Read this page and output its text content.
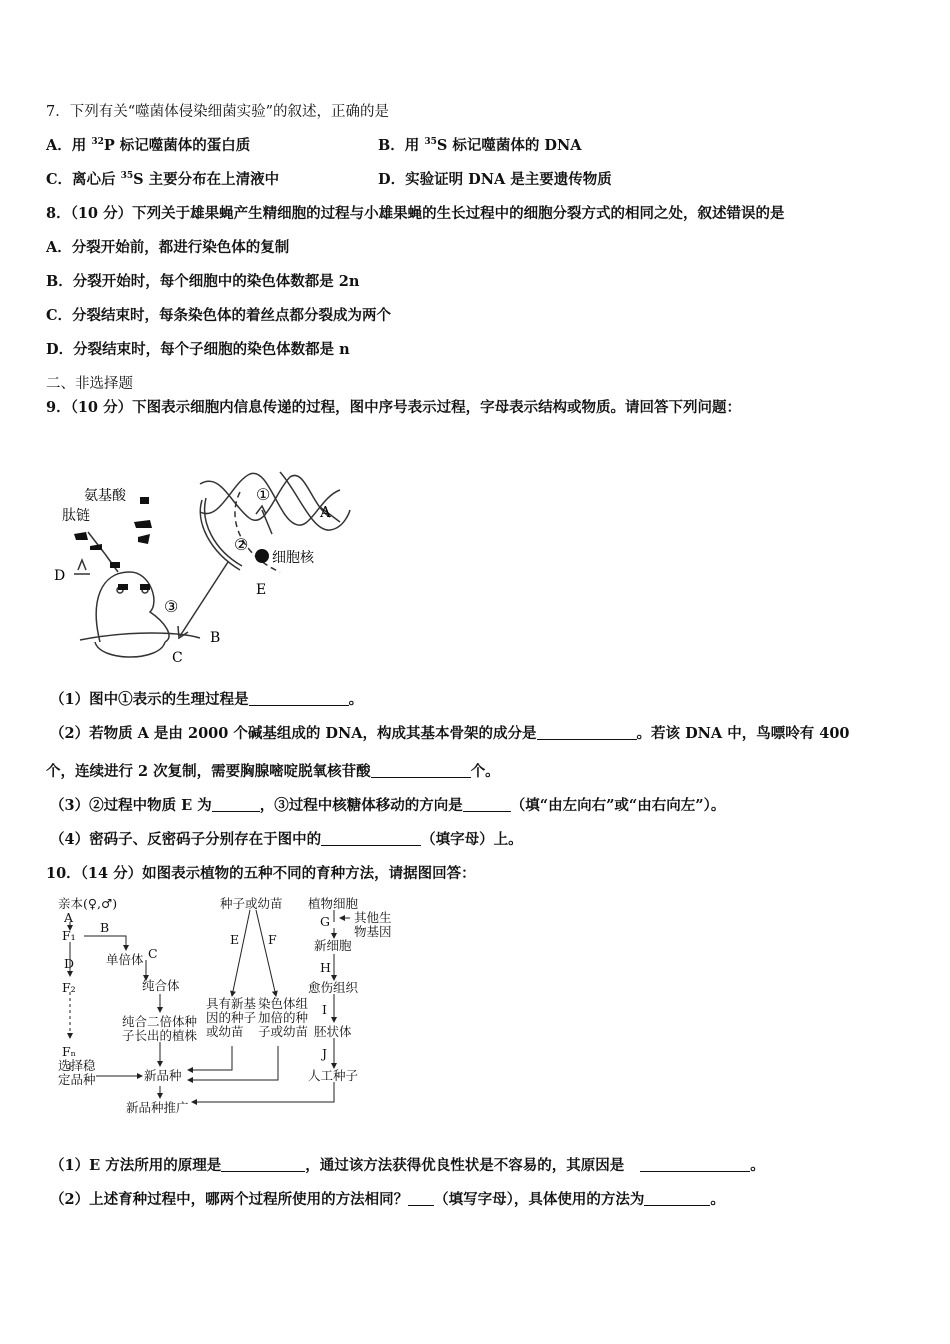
7．下列有关“噬菌体侵染细菌实验”的叙述，正确的是
A．用 $^{32}$P 标记噬菌体的蛋白质	B．用 $^{35}$S 标记噬菌体的 DNA
C．离心后 $^{35}$S 主要分布在上清液中	D．实验证明 DNA 是主要遗传物质
8．（10 分）下列关于雄果蝇产生精细胞的过程与小雄果蝇的生长过程中的细胞分裂方式的相同之处，叙述错误的是
A．分裂开始前，都进行染色体的复制
B．分裂开始时，每个细胞中的染色体数都是 2n
C．分裂结束时，每条染色体的着丝点都分裂成为两个
D．分裂结束时，每个子细胞的染色体数都是 n
二、非选择题
9．（10 分）下图表示细胞内信息传递的过程，图中序号表示过程，字母表示结构或物质。请回答下列问题：
氨基酸
肽链
细胞核
①
②
③
A
B
C
D
E
（1）图中①表示的生理过程是	。
（2）若物质 A 是由 2000 个碱基组成的 DNA，构成其基本骨架的成分是	。若该 DNA 中，鸟嘌呤有 400
个，连续进行 2 次复制，需要胸腺嘧啶脱氧核苷酸	个。
（3）②过程中物质 E 为	，③过程中核糖体移动的方向是	（填“由左向右”或“由右向左”）。
（4）密码子、反密码子分别存在于图中的	（填字母）上。
10．（14 分）如图表示植物的五种不同的育种方法，请据图回答：
亲本(♀,♂)
A
F₁
B
单倍体 C
D
F₂	纯合体
纯合二倍体种
子长出的植株
Fₙ
选择稳
定品种	新品种
新品种推广
种子或幼苗
E F
具有新基
因的种子
或幼苗
染色体组
加倍的种
子或幼苗
植物细胞
G 其他生
物基因
新细胞
H
愈伤组织
I
胚状体
J
人工种子
（1）E 方法所用的原理是	，通过该方法获得优良性状是不容易的，其原因是	。
（2）上述育种过程中，哪两个过程所使用的方法相同？ （填写字母），具体使用的方法为	。
